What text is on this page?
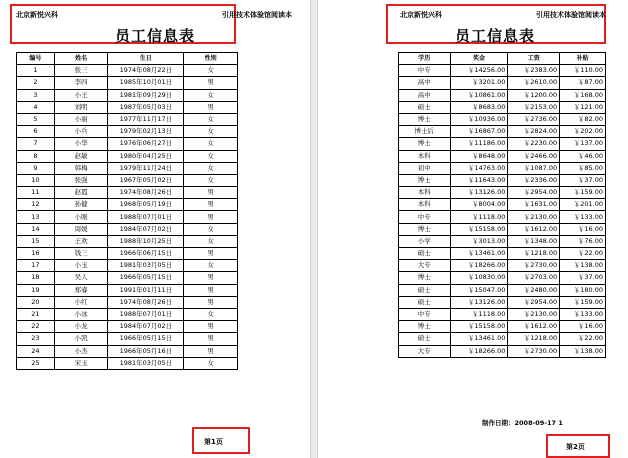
北京新悦兴科	引用技术体验馆阅读本
员工信息表
编号	姓名	生日	性别
1	张三	1974年08月22日	女
2	李四	1985年10月01日	男
3	小王	1981年09月29日	女
4	刘明	1987年05月03日	男
5	小丽	1977年11月17日	女
6	小兵	1979年02月13日	女
7	小华	1976年06月27日	女
8	赵敏	1980年04月25日	女
9	韩梅	1979年11月24日	女
10	张强	1967年05月02日	女
11	赵霞	1974年08月26日	男
12	孙健	1968年05月19日	男
13	小刚	1988年07月01日	男
14	周媛	1984年07月02日	女
15	王欢	1988年10月25日	女
16	钱三	1966年06月15日	男
17	小玉	1981年03月05日	女
18	吴人	1966年05月15日	男
19	郑睿	1991年01月11日	男
20	小红	1974年08月26日	男
21	小冰	1988年07月01日	女
22	小龙	1984年07月02日	男
23	小凯	1966年05月15日	男
24	小杰	1966年05月16日	男
25	宋玉	1981年03月05日	女
第1页
北京新悦兴科	引用技术体验馆阅读本
员工信息表
学历	奖金	工资	补贴
中专	￥14256.00	￥2383.00	￥110.00
高中	￥3201.00	￥2610.00	￥87.00
高中	￥10861.00	￥1200.00	￥168.00
硕士	￥8683.00	￥2153.00	￥121.00
博士	￥10936.00	￥2736.00	￥82.00
博士后	￥16867.00	￥2824.00	￥202.00
博士	￥11186.00	￥2230.00	￥137.00
本科	￥8648.00	￥2466.00	￥46.00
初中	￥14763.00	￥1087.00	￥85.00
博士	￥11643.00	￥2336.00	￥37.00
本科	￥13126.00	￥2954.00	￥159.00
本科	￥8004.00	￥1631.00	￥201.00
中专	￥1118.00	￥2130.00	￥133.00
博士	￥15158.00	￥1612.00	￥16.00
小学	￥3013.00	￥1348.00	￥76.00
硕士	￥13461.00	￥1218.00	￥22.00
大专	￥18266.00	￥2730.00	￥138.00
博士	￥10830.00	￥2703.00	￥37.00
硕士	￥15047.00	￥2480.00	￥180.00
硕士	￥13126.00	￥2954.00	￥159.00
中专	￥1118.00	￥2130.00	￥133.00
博士	￥15158.00	￥1612.00	￥16.00
硕士	￥13461.00	￥1218.00	￥22.00
大专	￥18266.00	￥2730.00	￥138.00
制作日期：2008-09-17 1
第2页
